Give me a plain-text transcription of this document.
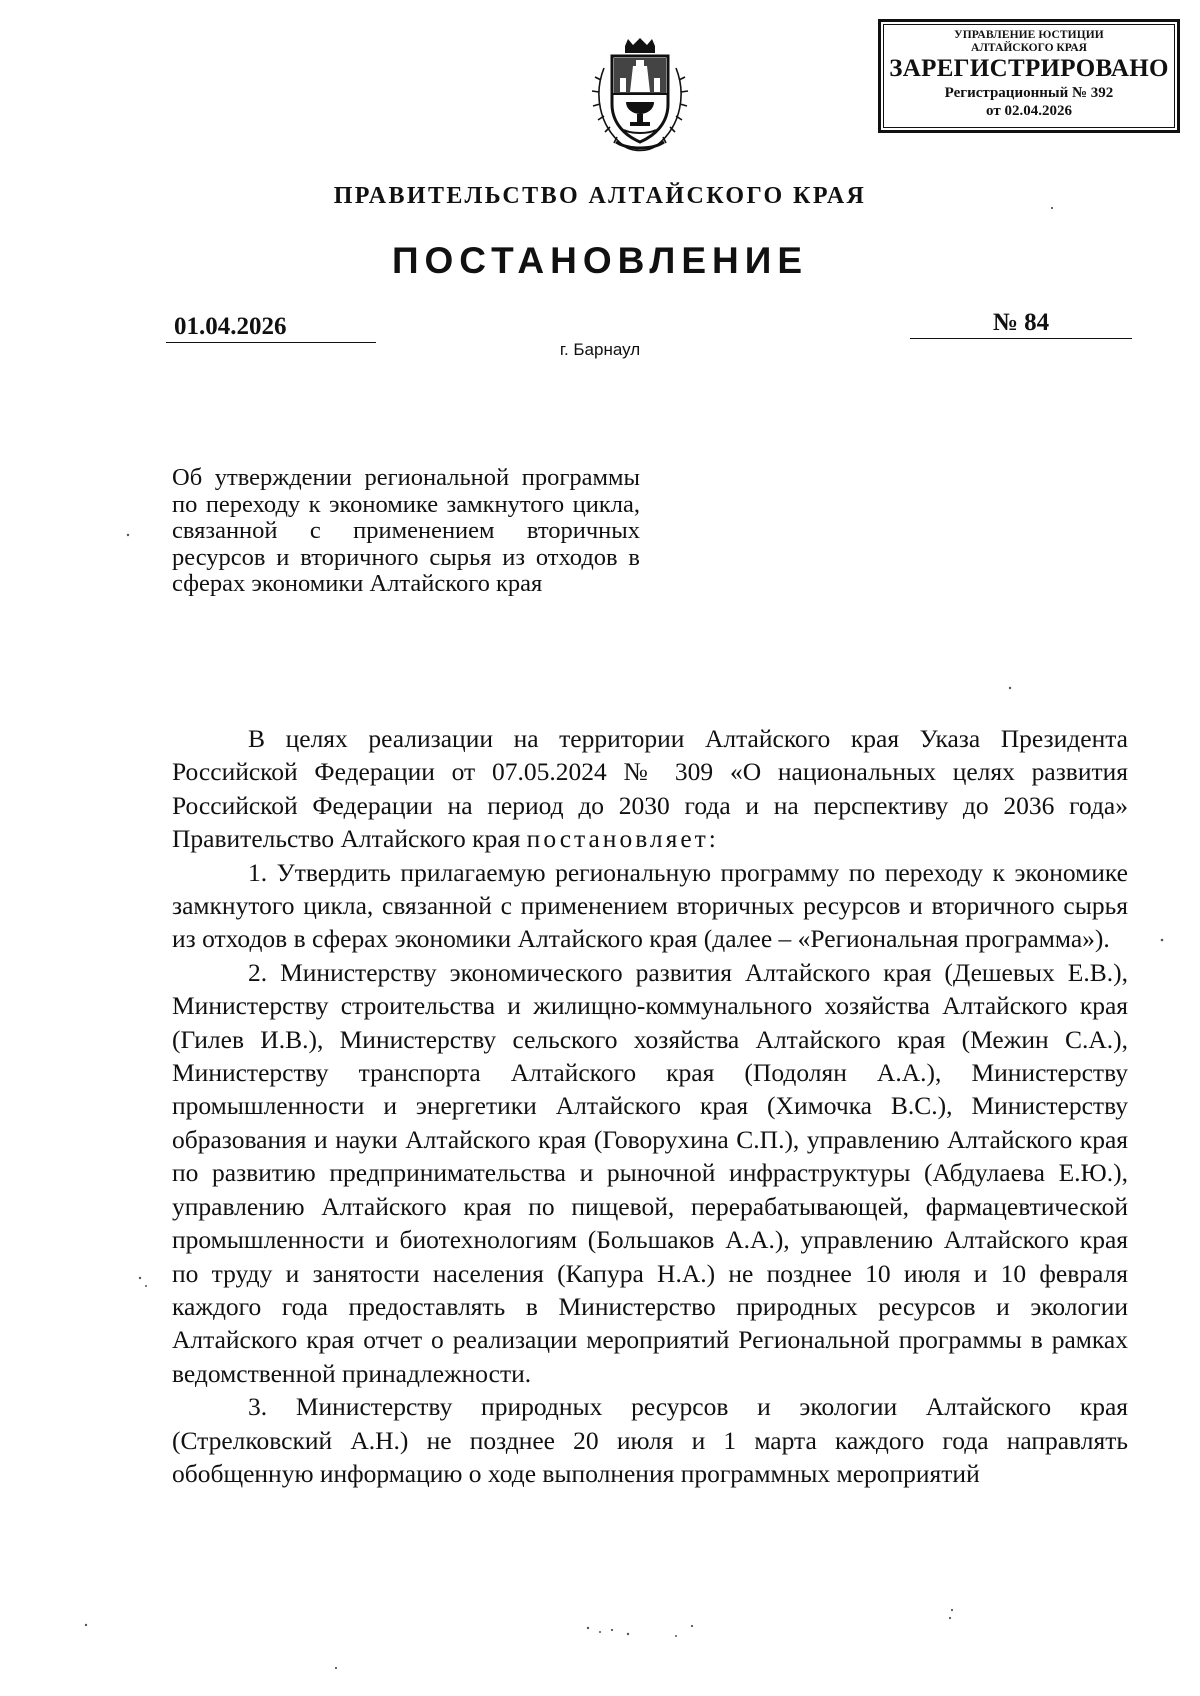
УПРАВЛЕНИЕ ЮСТИЦИИ
АЛТАЙСКОГО КРАЯ
ЗАРЕГИСТРИРОВАНО
Регистрационный № 392
от 02.04.2026
ПРАВИТЕЛЬСТВО АЛТАЙСКОГО КРАЯ
ПОСТАНОВЛЕНИЕ
01.04.2026	№ 84
г. Барнаул
Об утверждении региональной программы по переходу к экономике замкнутого цикла, связанной с применением вторичных ресурсов и вторичного сырья из отходов в сферах экономики Алтайского края

В целях реализации на территории Алтайского края Указа Президента Российской Федерации от 07.05.2024 № 309 «О национальных целях развития Российской Федерации на период до 2030 года и на перспективу до 2036 года» Правительство Алтайского края постановляет:

1. Утвердить прилагаемую региональную программу по переходу к экономике замкнутого цикла, связанной с применением вторичных ресурсов и вторичного сырья из отходов в сферах экономики Алтайского края (далее – «Региональная программа»).

2. Министерству экономического развития Алтайского края (Дешевых Е.В.), Министерству строительства и жилищно-коммунального хозяйства Алтайского края (Гилев И.В.), Министерству сельского хозяйства Алтайского края (Межин С.А.), Министерству транспорта Алтайского края (Подолян А.А.), Министерству промышленности и энергетики Алтайского края (Химочка В.С.), Министерству образования и науки Алтайского края (Говорухина С.П.), управлению Алтайского края по развитию предпринимательства и рыночной инфраструктуры (Абдулаева Е.Ю.), управлению Алтайского края по пищевой, перерабатывающей, фармацевтической промышленности и биотехнологиям (Большаков А.А.), управлению Алтайского края по труду и занятости населения (Капура Н.А.) не позднее 10 июля и 10 февраля каждого года предоставлять в Министерство природных ресурсов и экологии Алтайского края отчет о реализации мероприятий Региональной программы в рамках ведомственной принадлежности.

3. Министерству природных ресурсов и экологии Алтайского края (Стрелковский А.Н.) не позднее 20 июля и 1 марта каждого года направлять обобщенную информацию о ходе выполнения программных мероприятий
